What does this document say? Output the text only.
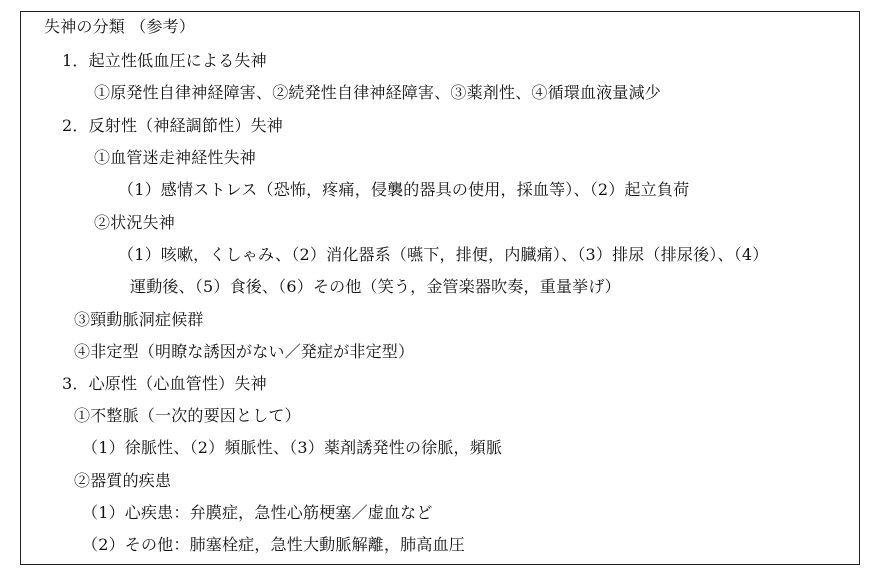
失神の分類 （参考）
1．起立性低血圧による失神
①原発性自律神経障害、②続発性自律神経障害、③薬剤性、④循環血液量減少
2．反射性（神経調節性）失神
①血管迷走神経性失神
（1）感情ストレス（恐怖，疼痛，侵襲的器具の使用，採血等）、（2）起立負荷
②状況失神
（1）咳嗽，くしゃみ、（2）消化器系（嚥下，排便，内臓痛）、（3）排尿（排尿後）、（4）
運動後、（5）食後、（6）その他（笑う，金管楽器吹奏，重量挙げ）
③頸動脈洞症候群
④非定型（明瞭な誘因がない／発症が非定型）
3．心原性（心血管性）失神
①不整脈（一次的要因として）
（1）徐脈性、（2）頻脈性、（3）薬剤誘発性の徐脈，頻脈
②器質的疾患
（1）心疾患：弁膜症，急性心筋梗塞／虚血など
（2）その他：肺塞栓症，急性大動脈解離，肺高血圧
